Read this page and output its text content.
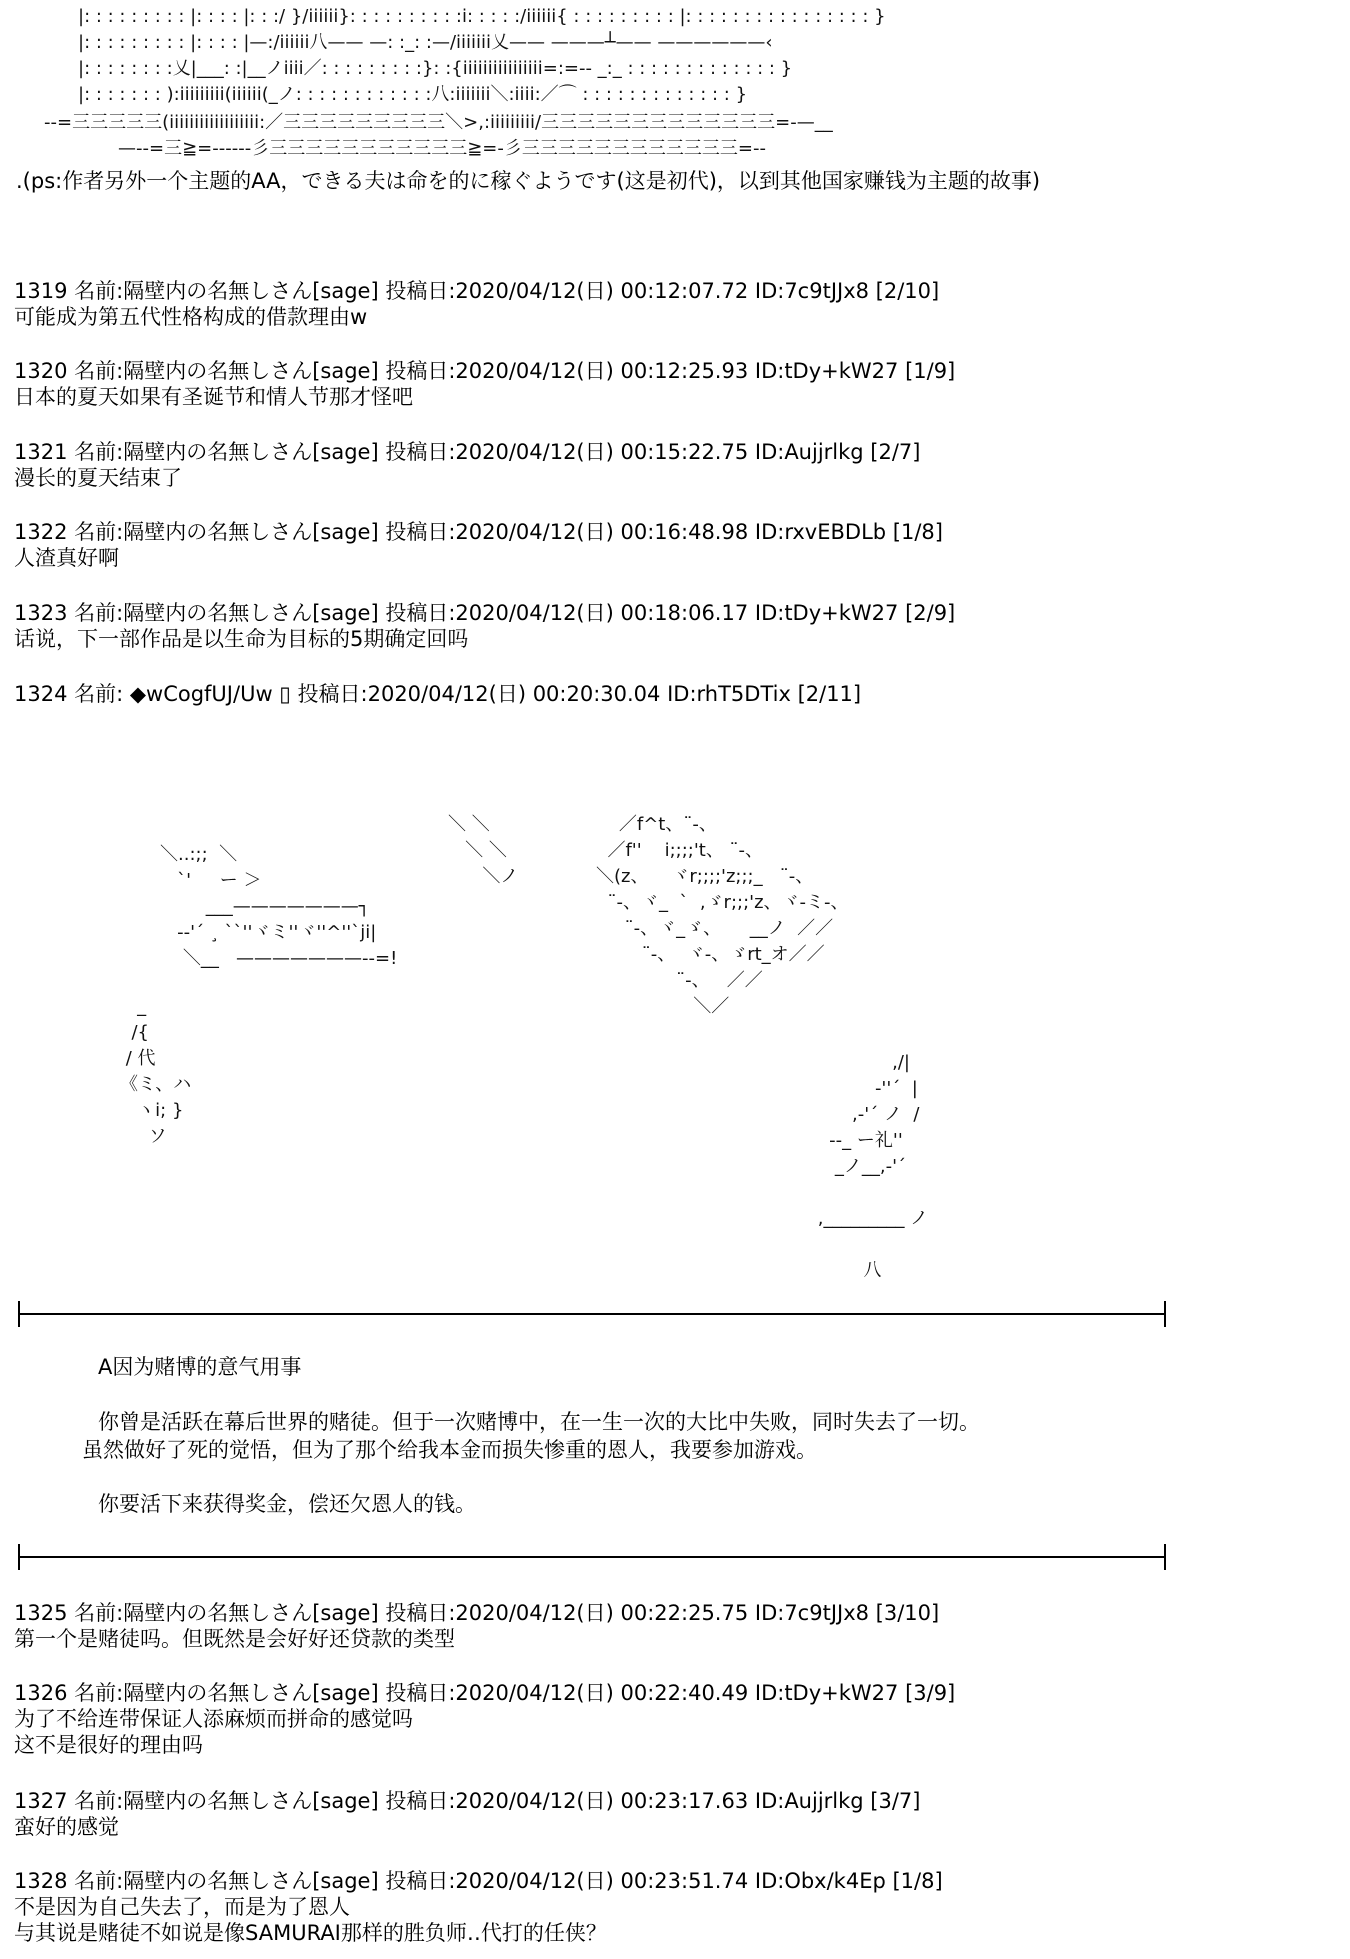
|: : : : : : : : : |: : : : |: : :/ }/iiiiii}: : : : : : : : : :i: : : : :/iiiiii{ : : : : : : : : : |: : : : : : : : : : : : : : : : }
|: : : : : : : : : |: : : : |—:/iiiiii八—— —: :_: :—/iiiiiii乂—— ———┴—— ——————‹
|: : : : : : : :乂|___: :|__ノiiii／: : : : : : : : :}: :{iiiiiiiiiiiiiiii=:=-- _:_ : : : : : : : : : : : : : }
|: : : : : : : ):iiiiiiiii(iiiiii(_ノ: : : : : : : : : : : :八:iiiiiii＼:iiii:／⌒ : : : : : : : : : : : : : }
--=三三三三三(iiiiiiiiiiiiiiiiii:／三三三三三三三三三＼>,:iiiiiiiii/三三三三三三三三三三三三三=-—__
—--=三≧=------彡三三三三三三三三三三三≧=-彡三三三三三三三三三三三三=--
.(ps:作者另外一个主题的AA，できる夫は命を的に稼ぐようです(这是初代)，以到其他国家赚钱为主题的故事)
1319 名前:隔壁内の名無しさん[sage] 投稿日:2020/04/12(日) 00:12:07.72 ID:7c9tJJx8 [2/10]
可能成为第五代性格构成的借款理由w
1320 名前:隔壁内の名無しさん[sage] 投稿日:2020/04/12(日) 00:12:25.93 ID:tDy+kW27 [1/9]
日本的夏天如果有圣诞节和情人节那才怪吧
1321 名前:隔壁内の名無しさん[sage] 投稿日:2020/04/12(日) 00:15:22.75 ID:Aujjrlkg [2/7]
漫长的夏天结束了
1322 名前:隔壁内の名無しさん[sage] 投稿日:2020/04/12(日) 00:16:48.98 ID:rxvEBDLb [1/8]
人渣真好啊
1323 名前:隔壁内の名無しさん[sage] 投稿日:2020/04/12(日) 00:18:06.17 ID:tDy+kW27 [2/9]
话说，下一部作品是以生命为目标的5期确定回吗
1324 名前: ◆wCogfUJ/Uw ▯ 投稿日:2020/04/12(日) 00:20:30.04 ID:rhT5DTix [2/11]
＼..:;;  ＼
`'     ー ＞
___———————┐
--'´ ¸ ``''ヾミ''ヾ''^''`ji|
＼__   ———————--=!
_
/{
/ 代
《ミ、ハ
ヽi; }
ソ
＼ ＼
＼ ＼
＼ノ
／f^t、¨-、
／f''    i;;;;'t、 ¨-、
＼(z、    ヾr;;;;'z;;;_   ¨-、
¨-、ヾ_  `  ,ゞr;;;'z、ヾ-ミ-、
¨-、ヾ_ゞ、     __ノ  ／／
¨-、  ヾ-、ゞrt_オ／／
¨-、   ／／
＼／
,/|
-''´  |
,-'´ ノ  /
--_ ー礼''
_ノ__,-'´

,_________ ノ

八
A因为赌博的意气用事
你曾是活跃在幕后世界的赌徒。但于一次赌博中，在一生一次的大比中失败，同时失去了一切。
虽然做好了死的觉悟，但为了那个给我本金而损失惨重的恩人，我要参加游戏。
你要活下来获得奖金，偿还欠恩人的钱。
1325 名前:隔壁内の名無しさん[sage] 投稿日:2020/04/12(日) 00:22:25.75 ID:7c9tJJx8 [3/10]
第一个是赌徒吗。但既然是会好好还贷款的类型
1326 名前:隔壁内の名無しさん[sage] 投稿日:2020/04/12(日) 00:22:40.49 ID:tDy+kW27 [3/9]
为了不给连带保证人添麻烦而拼命的感觉吗
这不是很好的理由吗
1327 名前:隔壁内の名無しさん[sage] 投稿日:2020/04/12(日) 00:23:17.63 ID:Aujjrlkg [3/7]
蛮好的感觉
1328 名前:隔壁内の名無しさん[sage] 投稿日:2020/04/12(日) 00:23:51.74 ID:Obx/k4Ep [1/8]
不是因为自己失去了，而是为了恩人
与其说是赌徒不如说是像SAMURAI那样的胜负师‥代打的任侠？
